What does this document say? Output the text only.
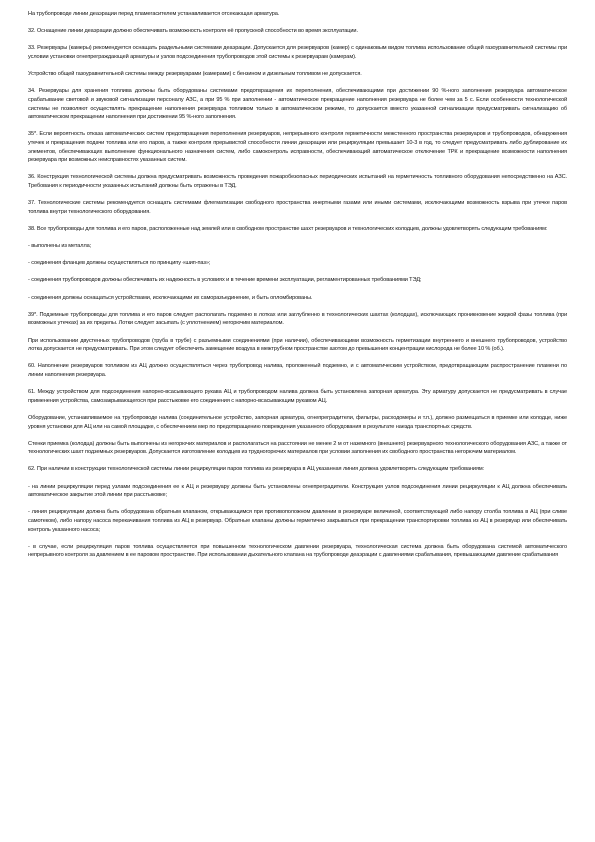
На трубопроводе линии деаэрации перед пламегасителем устанавливается отсекающая арматура.

32. Оснащение линии деаэрации должно обеспечивать возможность контроля её пропускной способности во время эксплуатации.

33. Резервуары (камеры) рекомендуется оснащать раздельными системами деаэрации. Допускается для резервуаров (камер) с одинаковым видом топлива использование общей газоуравнительной системы при условии установки огнепреграждающей арматуры и узлов подсоединения трубопроводов этой системы к резервуарам (камерам).

Устройство общей газоуравнительной системы между резервуарами (камерами) с бензином и дизельным топливом не допускается.

34. Резервуары для хранения топлива должны быть оборудованы системами предотвращения их переполнения, обеспечивающими при достижении 90 %-ного заполнения резервуара автоматическое срабатывание световой и звуковой сигнализации персоналу АЗС, а при 95 % при заполнении - автоматическое прекращение наполнения резервуара не более чем за 5 с. Если особенности технологической системы не позволяют осуществлять прекращение наполнения резервуара топливом только в автоматическом режиме, то допускается вместо указанной сигнализации предусматривать сигнализацию об автоматическом прекращении наполнения при достижении 95 %-ного заполнения.

35*. Если вероятность отказа автоматических систем предотвращения переполнения резервуаров, непрерывного контроля герметичности межстенного пространства резервуаров и трубопроводов, обнаружения утечек и прекращения подачи топлива или его паров, а также контроля прерывистой способности линии деаэрации или рециркуляции превышает 10-3 в год, то следует предусматривать либо дублирование их элементов, обеспечивающих выполнение функционального назначения систем, либо самоконтроль исправности, обеспечивающий автоматическое отключение ТРК и прекращение возможности наполнения резервуара при возможных неисправностях указанных систем.

36. Конструкция технологической системы должна предусматривать возможность проведения пожаробезопасных периодических испытаний на герметичность топливного оборудования непосредственно на АЗС. Требования к периодичности указанных испытаний должны быть отражены в ТЭД.

37. Технологические системы рекомендуется оснащать системами флегматизации свободного пространства инертными газами или иными системами, исключающими возможность взрыва при утечке паров топлива внутри технологического оборудования.

38. Все трубопроводы для топлива и его паров, расположенные над землей или в свободном пространстве шахт резервуаров и технологических колодцев, должны удовлетворять следующим требованиям:

- выполнены из металла;

- соединения фланцев должны осуществляться по принципу «шип-паз»;

- соединения трубопроводов должны обеспечивать их надежность в условиях и в течение времени эксплуатации, регламентированных требованиями ТЭД;

- соединения должны оснащаться устройствами, исключающими их саморазъединение, и быть опломбированы.

39*. Подземные трубопроводы для топлива и его паров следует располагать подземно в лотках или заглубленно в технологических шахтах (колодцах), исключающих проникновение жидкой фазы топлива (при возможных утечках) за их пределы. Лотки следует засыпать (с уплотнением) негорючим материалом.

При использовании двустенных трубопроводов (труба в трубе) с разъемными соединениями (при наличии), обеспечивающими возможность герметизации внутреннего и внешнего трубопроводов, устройство лотка допускается не предусматривать. При этом следует обеспечить замещение воздуха в межтрубном пространстве азотом до превышения концентрации кислорода не более 10 % (об.).

60. Наполнение резервуаров топливом из АЦ должно осуществляться через трубопровод налива, проложенный подземно, и с автоматическим устройством, предотвращающим распространение пламени по линии наполнения резервуара.

61. Между устройством для подсоединения напорно-всасывающего рукава АЦ и трубопроводом налива должна быть установлена запорная арматура. Эту арматуру допускается не предусматривать в случае применения устройства, самозакрывающегося при расстыковке его соединения с напорно-всасывающим рукавом АЦ.

Оборудование, устанавливаемое на трубопроводе налива (соединительное устройство, запорная арматура, огнепреградители, фильтры, расходомеры и т.п.), должно размещаться в приемке или колодце, ниже уровня установки для АЦ или на самой площадке, с обеспечением мер по предотвращению повреждения указанного оборудования в результате наезда транспортных средств.

Стенки приемка (колодца) должны быть выполнены из негорючих материалов и располагаться на расстоянии не менее 2 м от наземного (внешнего) резервуарного технологического оборудования АЗС, а также от технологических шахт подземных резервуаров. Допускается изготовление колодцев из трудногорючих материалов при условии заполнения их свободного пространства негорючим материалом.

62. При наличии в конструкции технологической системы линии рециркуляции паров топлива из резервуара в АЦ указанная линия должна удовлетворять следующим требованиям:

- на линии рециркуляции перед узлами подсоединения ее к АЦ и резервуару должны быть установлены огнепреградители. Конструкция узлов подсоединения линии рециркуляции к АЦ должна обеспечивать автоматическое закрытие этой линии при расстыковке;

- линия рециркуляции должна быть оборудована обратным клапаном, открывающимся при противоположном давлении в резервуаре величиной, соответствующей либо напору столба топлива в АЦ (при сливе самотеком), либо напору насоса перекачивания топлива из АЦ в резервуар. Обратные клапаны должны герметично закрываться при прекращении транспортировки топлива из АЦ в резервуар или обеспечивать контроль указанного насоса;

- в случае, если рециркуляция паров топлива осуществляется при повышенном технологическом давлении резервуара, технологическая система должна быть оборудована системой автоматического непрерывного контроля за давлением в ее паровом пространстве. При использовании дыхательного клапана на трубопроводе деаэрации с давлениями срабатывания, превышающими давление срабатывания
